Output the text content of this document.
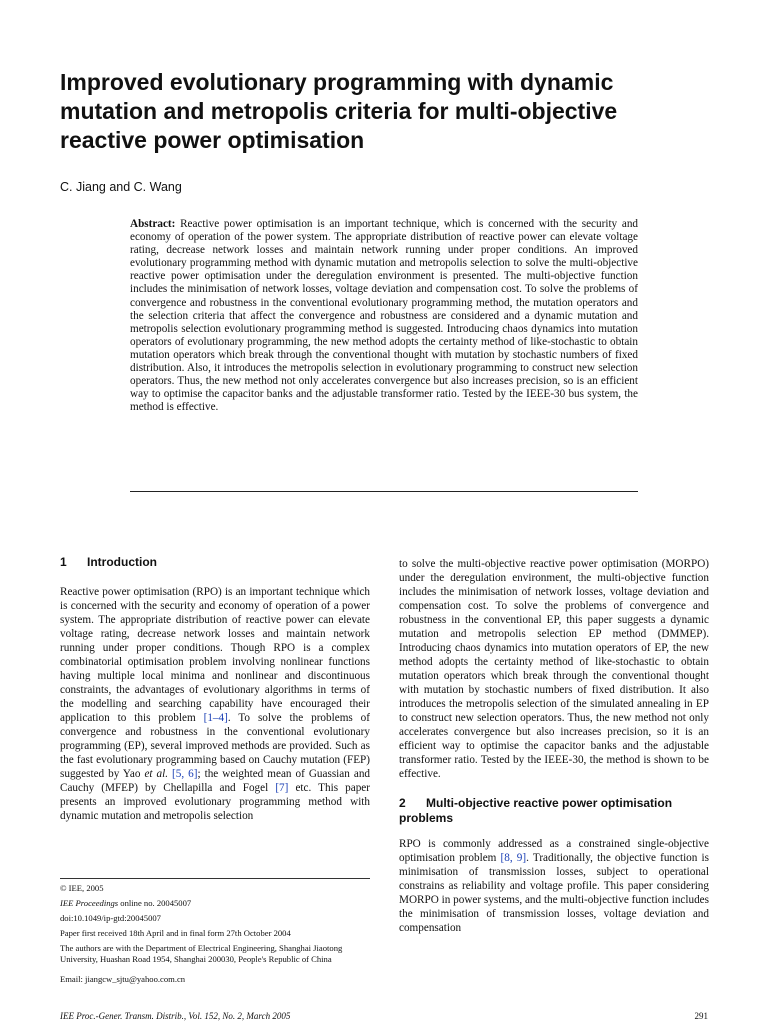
Improved evolutionary programming with dynamic mutation and metropolis criteria for multi-objective reactive power optimisation
C. Jiang and C. Wang

Abstract: Reactive power optimisation is an important technique, which is concerned with the security and economy of operation of the power system. The appropriate distribution of reactive power can elevate voltage rating, decrease network losses and maintain network running under proper conditions. An improved evolutionary programming method with dynamic mutation and metropolis selection to solve the multi-objective reactive power optimisation under the deregulation environment is presented. The multi-objective function includes the minimisation of network losses, voltage deviation and compensation cost. To solve the problems of convergence and robustness in the conventional evolutionary programming method, the mutation operators and the selection criteria that affect the convergence and robustness are considered and a dynamic mutation and metropolis selection evolutionary programming method is suggested. Introducing chaos dynamics into mutation operators of evolutionary programming, the new method adopts the certainty method of like-stochastic to obtain mutation operators which break through the conventional thought with mutation by stochastic numbers of fixed distribution. Also, it introduces the metropolis selection in evolutionary programming to construct new selection operators. Thus, the new method not only accelerates convergence but also increases precision, so is an efficient way to optimise the capacitor banks and the adjustable transformer ratio. Tested by the IEEE-30 bus system, the method is effective.

1 Introduction

Reactive power optimisation (RPO) is an important technique which is concerned with the security and economy of operation of a power system. The appropriate distribution of reactive power can elevate voltage rating, decrease network losses and maintain network running under proper conditions. Though RPO is a complex combinatorial optimisation problem involving nonlinear functions having multiple local minima and nonlinear and discontinuous constraints, the advantages of evolutionary algorithms in terms of the modelling and searching capability have encouraged their application to this problem [1–4]. To solve the problems of convergence and robustness in the conventional evolutionary programming (EP), several improved methods are provided. Such as the fast evolutionary programming based on Cauchy mutation (FEP) suggested by Yao et al. [5, 6]; the weighted mean of Guassian and Cauchy (MFEP) by Chellapilla and Fogel [7] etc. This paper presents an improved evolutionary programming method with dynamic mutation and metropolis selection

to solve the multi-objective reactive power optimisation (MORPO) under the deregulation environment, the multi-objective function includes the minimisation of network losses, voltage deviation and compensation cost. To solve the problems of convergence and robustness in the conventional EP, this paper suggests a dynamic mutation and metropolis selection EP method (DMMEP). Introducing chaos dynamics into mutation operators of EP, the new method adopts the certainty method of like-stochastic to obtain mutation operators which break through the conventional thought with mutation by stochastic numbers of fixed distribution. It also introduces the metropolis selection of the simulated annealing in EP to construct new selection operators. Thus, the new method not only accelerates convergence but also increases precision, so it is an efficient way to optimise the capacitor banks and the adjustable transformer ratio. Tested by the IEEE-30, the method is shown to be effective.

2 Multi-objective reactive power optimisation problems

RPO is commonly addressed as a constrained single-objective optimisation problem [8, 9]. Traditionally, the objective function is minimisation of transmission losses, subject to operational constrains as reliability and voltage profile. This paper considering MORPO in power systems, and the multi-objective function includes the minimisation of transmission losses, voltage deviation and compensation

© IEE, 2005
IEE Proceedings online no. 20045007
doi:10.1049/ip-gtd:20045007
Paper first received 18th April and in final form 27th October 2004
The authors are with the Department of Electrical Engineering, Shanghai Jiaotong University, Huashan Road 1954, Shanghai 200030, People's Republic of China
Email: jiangcw_sjtu@yahoo.com.cn
IEE Proc.-Gener. Transm. Distrib., Vol. 152, No. 2, March 2005	291
